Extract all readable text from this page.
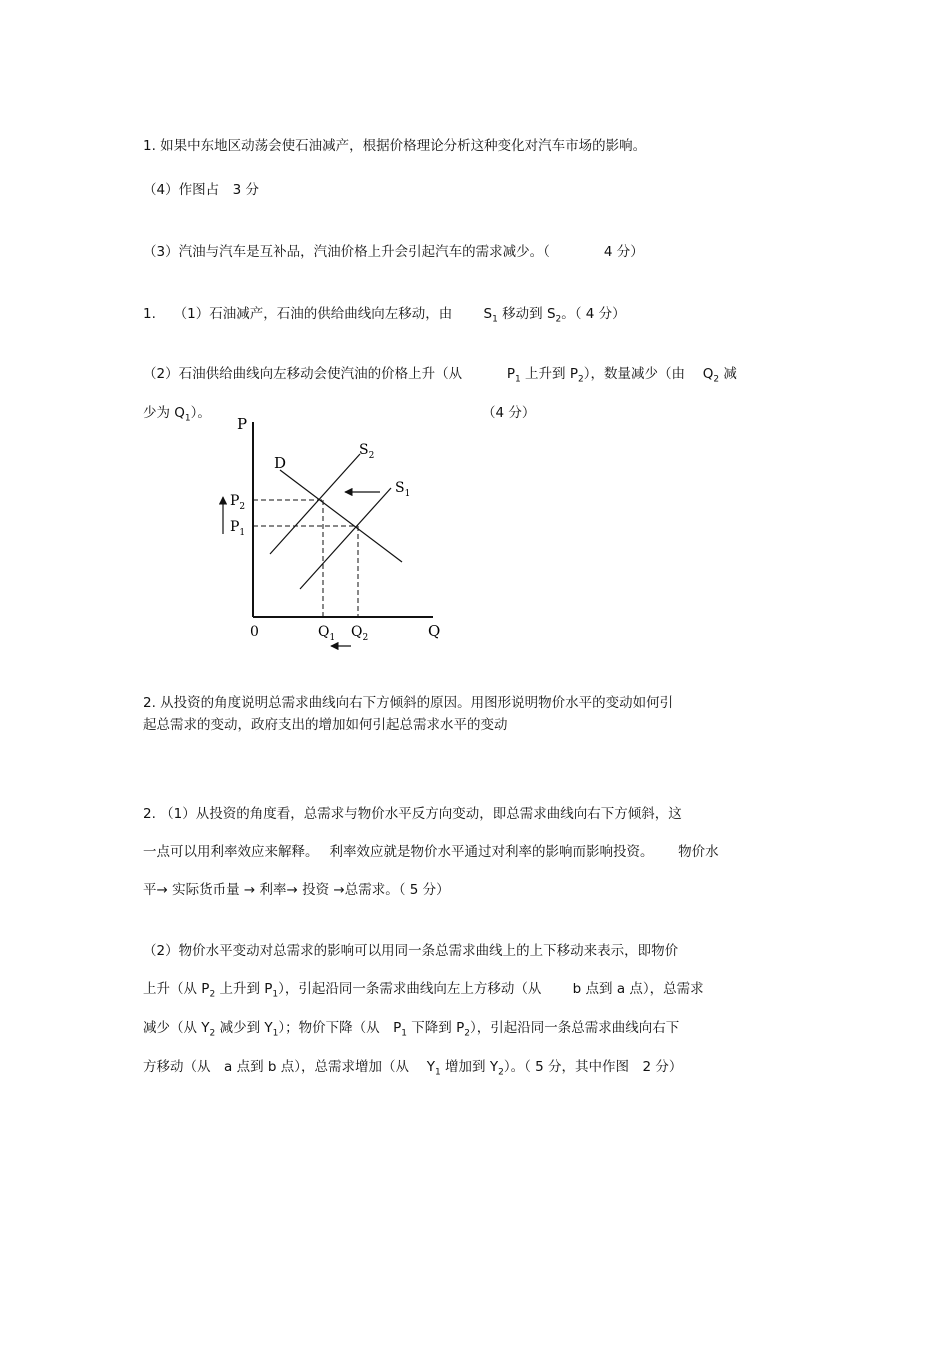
1. 如果中东地区动荡会使石油减产，根据价格理论分析这种变化对汽车市场的影响。
（4）作图占　3 分
（3）汽油与汽车是互补品，汽油价格上升会引起汽车的需求减少。（　　　　4 分）
1.　 （1）石油减产，石油的供给曲线向左移动，由　　 $S_1$ 移动到 $S_2$。（ 4 分）
（2）石油供给曲线向左移动会使汽油的价格上升（从　　　 $P_1$ 上升到 $P_2$），数量减少（由　 $Q_2$ 减
少为 $Q_1$）。	（4 分）
P
Q
0
D
$S_2$
$S_1$
$P_2$
$P_1$
$Q_1$ $Q_2$
2. 从投资的角度说明总需求曲线向右下方倾斜的原因。用图形说明物价水平的变动如何引
起总需求的变动，政府支出的增加如何引起总需求水平的变动
2. （1）从投资的角度看，总需求与物价水平反方向变动，即总需求曲线向右下方倾斜，这
一点可以用利率效应来解释。　 利率效应就是物价水平通过对利率的影响而影响投资。　　 物价水
平→ 实际货币量 → 利率→ 投资 →总需求。（ 5 分）
（2）物价水平变动对总需求的影响可以用同一条总需求曲线上的上下移动来表示，即物价
上升（从 $P_2$ 上升到 $P_1$），引起沿同一条需求曲线向左上方移动（从　　 b 点到 a 点），总需求
减少（从 $Y_2$ 减少到 $Y_1$）；物价下降（从　$P_1$ 下降到 $P_2$），引起沿同一条总需求曲线向右下
方移动（从　a 点到 b 点），总需求增加（从　 $Y_1$ 增加到 $Y_2$）。（ 5 分，其中作图　2 分）
